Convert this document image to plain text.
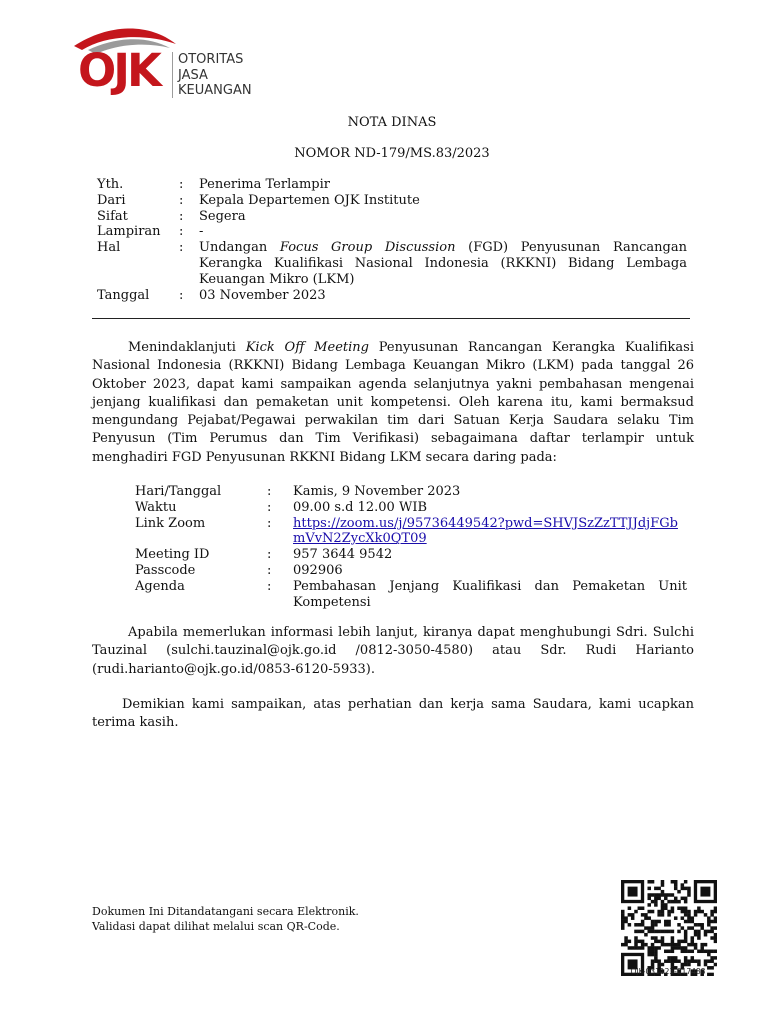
OJK OTORITAS
JASA
KEUANGAN
NOTA DINAS
NOMOR ND-179/MS.83/2023
Yth.	:	Penerima Terlampir
Dari	:	Kepala Departemen OJK Institute
Sifat	:	Segera
Lampiran	:	-
Hal	:	Undangan Focus Group Discussion (FGD) Penyusunan Rancangan Kerangka Kualifikasi Nasional Indonesia (RKKNI) Bidang Lembaga Keuangan Mikro (LKM)
Tanggal	:	03 November 2023
Menindaklanjuti Kick Off Meeting Penyusunan Rancangan Kerangka Kualifikasi Nasional Indonesia (RKKNI) Bidang Lembaga Keuangan Mikro (LKM) pada tanggal 26 Oktober 2023, dapat kami sampaikan agenda selanjutnya yakni pembahasan mengenai jenjang kualifikasi dan pemaketan unit kompetensi. Oleh karena itu, kami bermaksud mengundang Pejabat/Pegawai perwakilan tim dari Satuan Kerja Saudara selaku Tim Penyusun (Tim Perumus dan Tim Verifikasi) sebagaimana daftar terlampir untuk menghadiri FGD Penyusunan RKKNI Bidang LKM secara daring pada:
Hari/Tanggal	:	Kamis, 9 November 2023
Waktu	:	09.00 s.d 12.00 WIB
Link Zoom	:	https://zoom.us/j/95736449542?pwd=SHVJSzZzTTJJdjFGbmVvN2ZycXk0QT09
Meeting ID	:	957 3644 9542
Passcode	:	092906
Agenda	:	Pembahasan Jenjang Kualifikasi dan Pemaketan Unit Kompetensi
Apabila memerlukan informasi lebih lanjut, kiranya dapat menghubungi Sdri. Sulchi Tauzinal (sulchi.tauzinal@ojk.go.id /0812-3050-4580) atau Sdr. Rudi Harianto (rudi.harianto@ojk.go.id/0853-6120-5933).
Demikian kami sampaikan, atas perhatian dan kerja sama Saudara, kami ucapkan terima kasih.
Dokumen Ini Ditandatangani secara Elektronik.
Validasi dapat dilihat melalui scan QR-Code.
OJK-031123-017488
